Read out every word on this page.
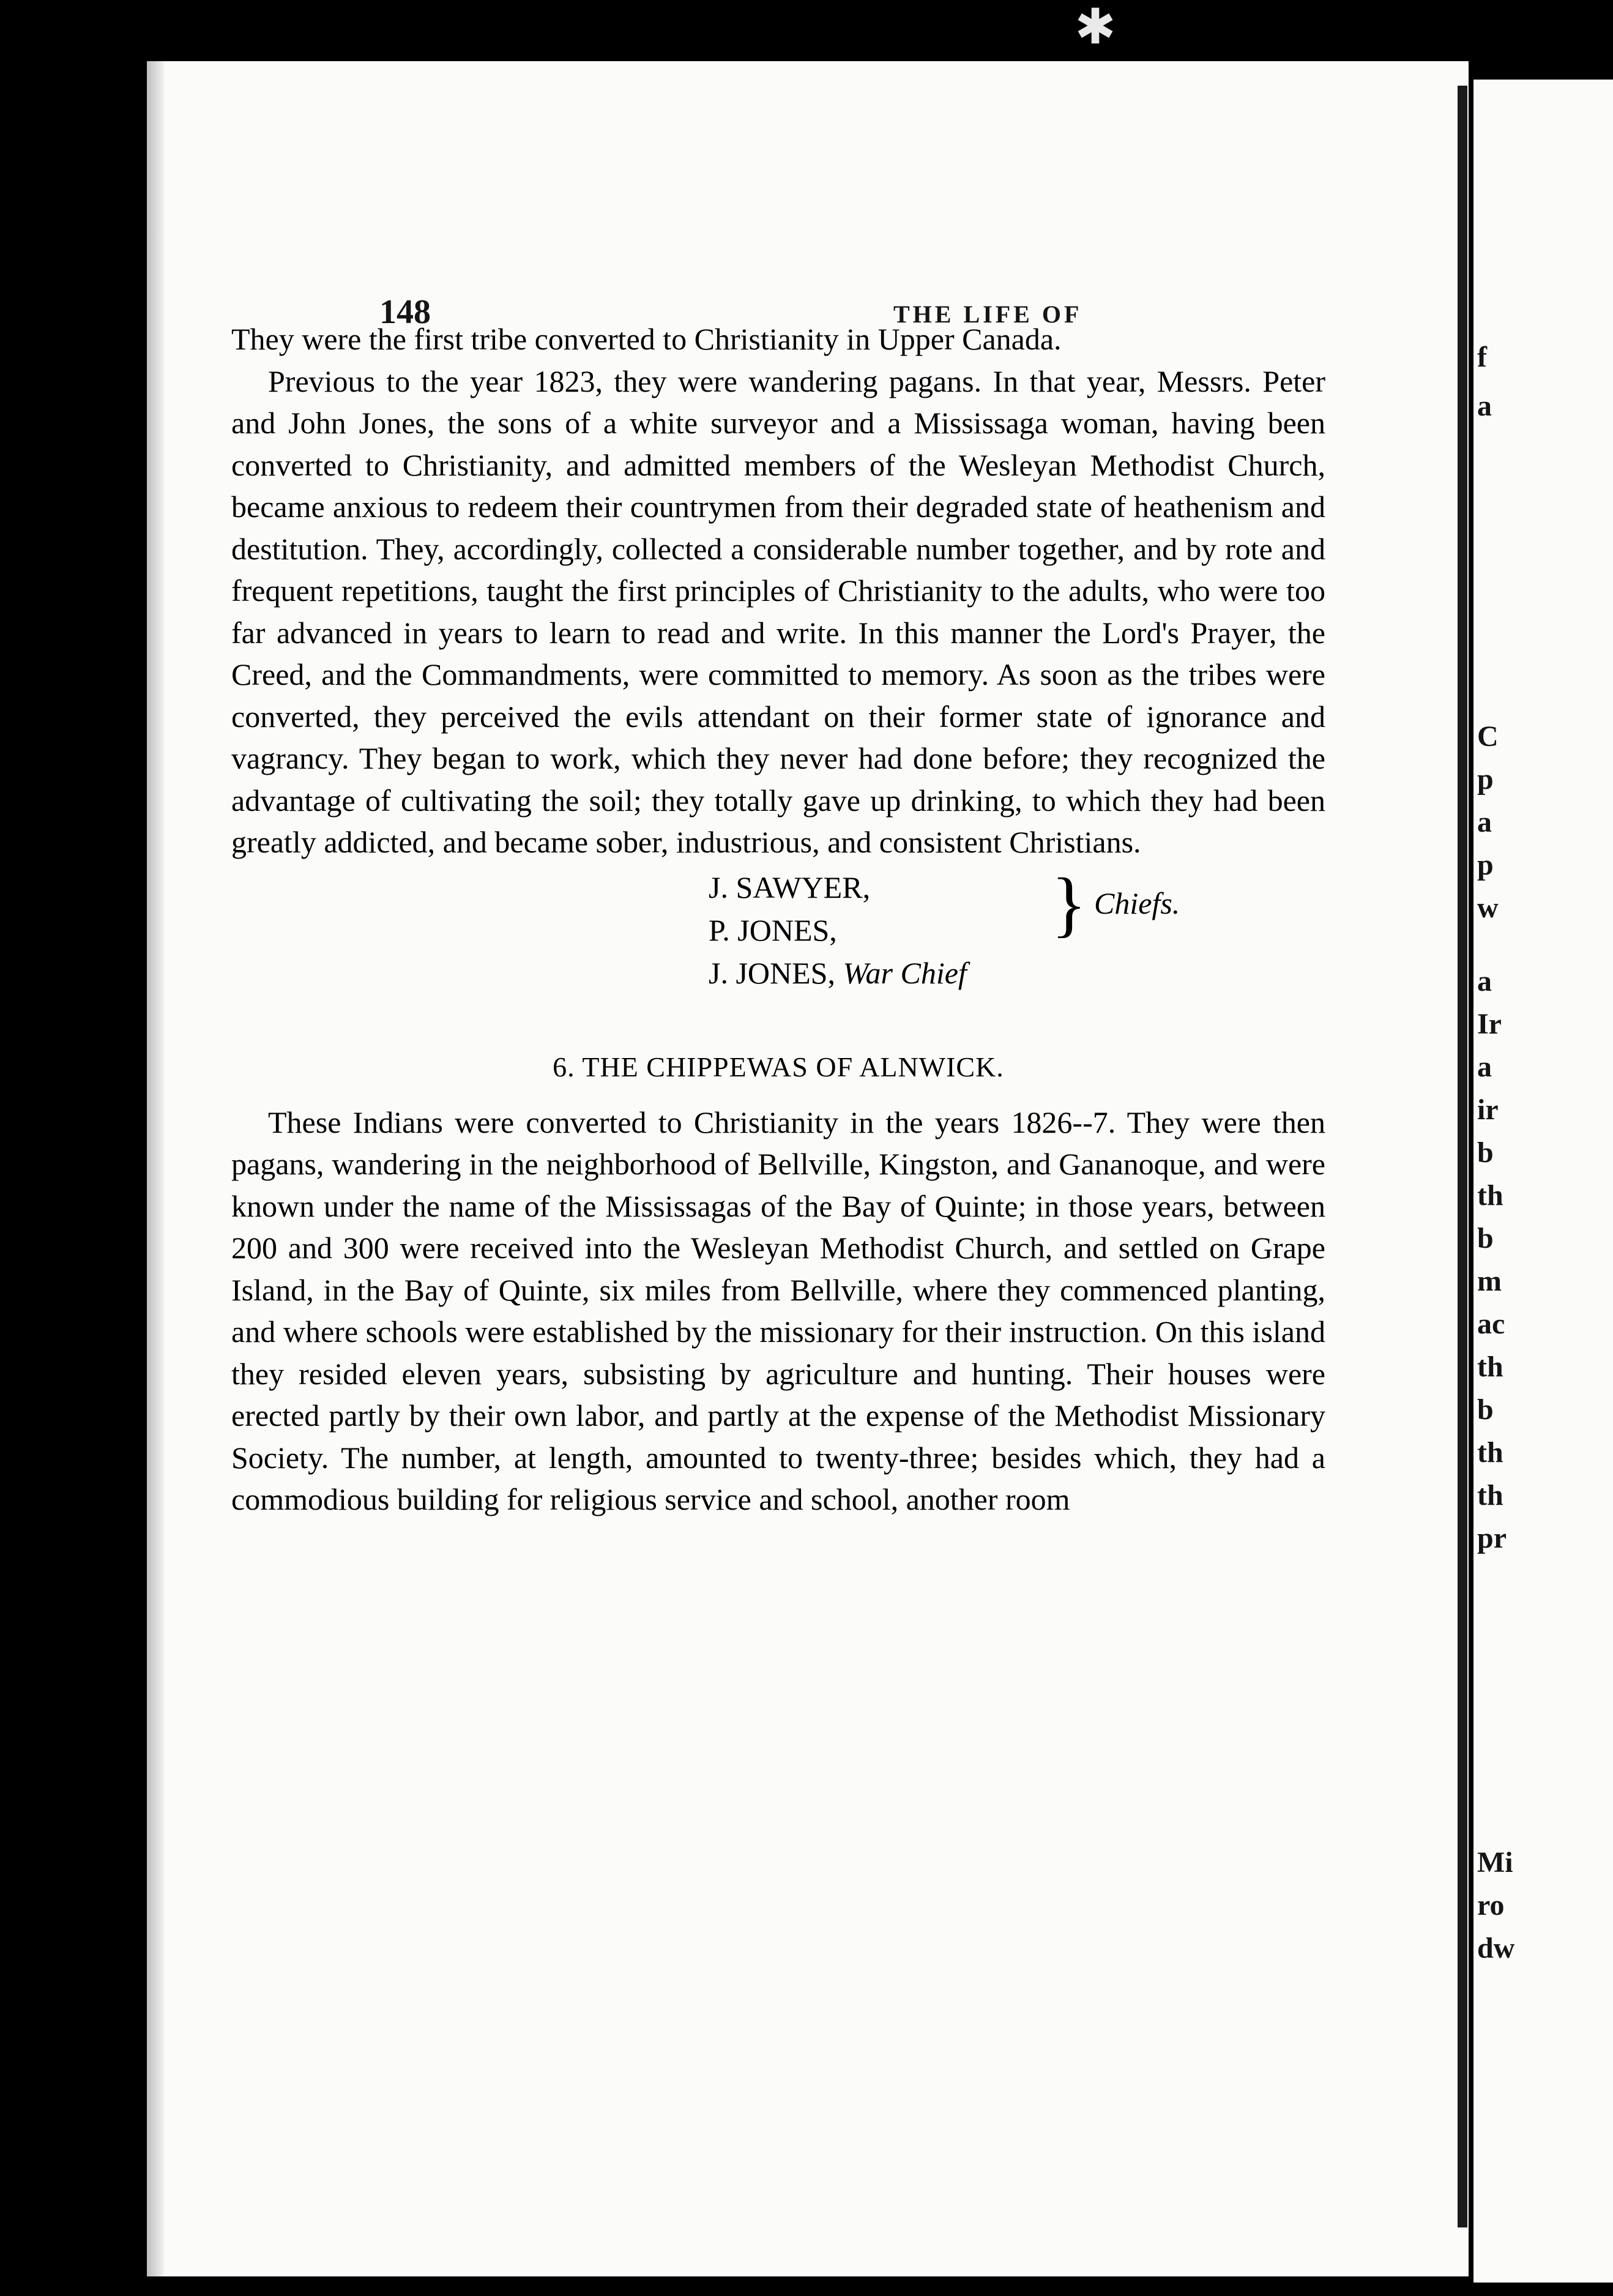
✱
148	THE LIFE OF

They were the first tribe converted to Christianity in Upper Canada.

Previous to the year 1823, they were wandering pagans. In that year, Messrs. Peter and John Jones, the sons of a white surveyor and a Mississaga woman, having been converted to Christianity, and admitted members of the Wesleyan Methodist Church, became anxious to redeem their countrymen from their degraded state of heathenism and destitution. They, accordingly, collected a considerable number together, and by rote and frequent repetitions, taught the first principles of Christianity to the adults, who were too far advanced in years to learn to read and write. In this manner the Lord's Prayer, the Creed, and the Commandments, were committed to memory. As soon as the tribes were converted, they perceived the evils attendant on their former state of ignorance and vagrancy. They began to work, which they never had done before; they recognized the advantage of cultivating the soil; they totally gave up drinking, to which they had been greatly addicted, and became sober, industrious, and consistent Christians.

J. SAWYER,
P. JONES,
J. JONES, War Chief
} Chiefs.
6. THE CHIPPEWAS OF ALNWICK.

These Indians were converted to Christianity in the years 1826--7. They were then pagans, wandering in the neighborhood of Bellville, Kingston, and Gananoque, and were known under the name of the Mississagas of the Bay of Quinte; in those years, between 200 and 300 were received into the Wesleyan Methodist Church, and settled on Grape Island, in the Bay of Quinte, six miles from Bellville, where they commenced planting, and where schools were established by the missionary for their instruction. On this island they resided eleven years, subsisting by agriculture and hunting. Their houses were erected partly by their own labor, and partly at the expense of the Methodist Missionary Society. The number, at length, amounted to twenty-three; besides which, they had a commodious building for religious service and school, another room

f
a
C
p
a
p
w
a
Ir
a
ir
b
th
b
m
ac
th
b
th
th
pr
Mi
ro
dw
